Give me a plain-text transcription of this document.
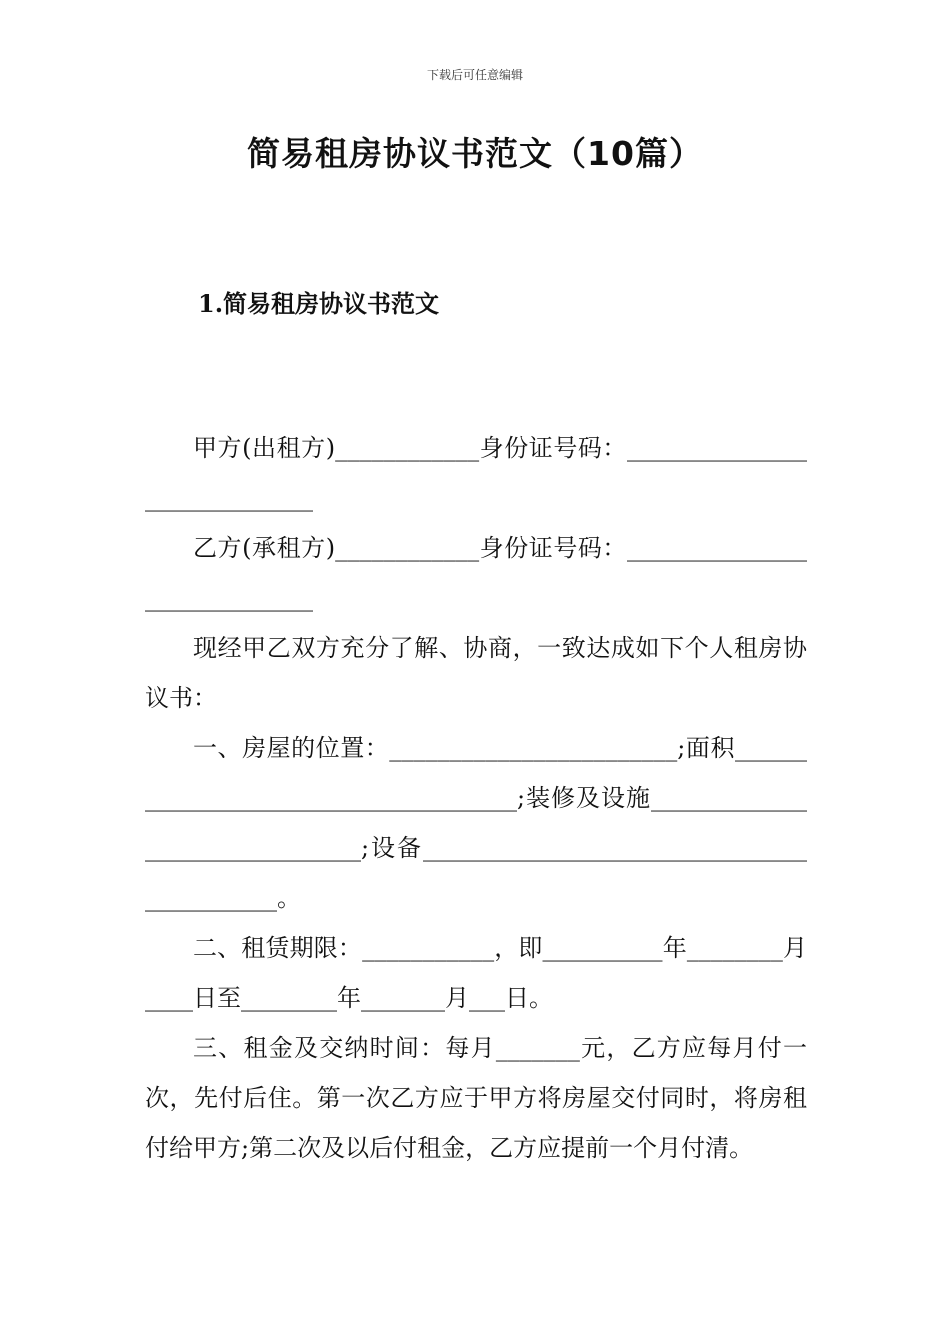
下载后可任意编辑
简易租房协议书范文（10篇）
1.简易租房协议书范文

甲方(出租方)____________身份证号码：_____________________________

乙方(承租方)____________身份证号码：_____________________________

现经甲乙双方充分了解、协商，一致达成如下个人租房协议书：

一、房屋的位置：________________________;面积_____________________________________;装修及设施_______________________________;设备___________________________________________。

二、租赁期限：___________，即__________年________月____日至________年_______月___日。

三、租金及交纳时间：每月_______元，乙方应每月付一次，先付后住。第一次乙方应于甲方将房屋交付同时，将房租付给甲方;第二次及以后付租金，乙方应提前一个月付清。
